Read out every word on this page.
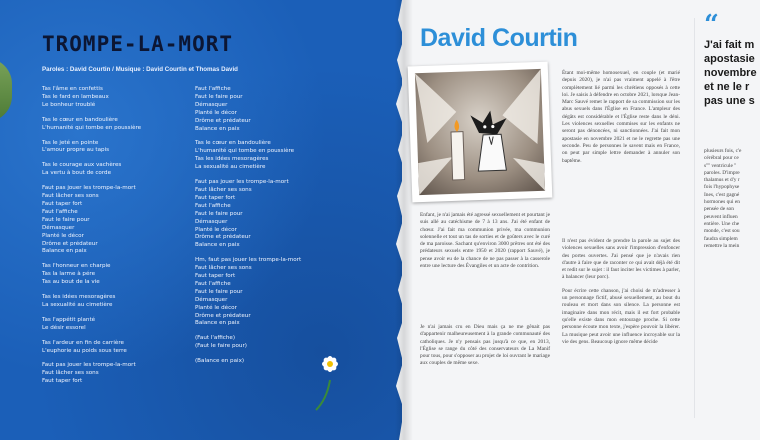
TROMPE-LA-MORT
Paroles : David Courtin / Musique : David Courtin et Thomas David
Tas l'âme en confettis
Tas le fard en lambeaux
Le bonheur troublé
Tas le cœur en bandoulière
L'humanité qui tombe en poussière
Tas le jeté en pointe
L'amour propre au tapis
Tas le courage aux vachères
La vertu à bout de corde
Faut pas jouer les trompe-la-mort
Faut lâcher ses sons
Faut taper fort
Faut l'affiche
Faut le faire pour
Démasquer
Planté le décor
Drôme et prédateur
Balance en paix
Tas l'honneur en charpie
Tas la larme à pére
Tas au bout de la vie
Tas les idées mesoragères
La sexualité au cimetière
Tas l'appétit planté
Le désir essorel
Tas l'ardeur en fin de carrière
L'euphorie au poids sous terre
Faut pas jouer les trompe-la-mort
Faut lâcher ses sons
Faut taper fort
Faut l'affiche
Faut le faire pour
Démasquer
Planté le décor
Drôme et prédateur
Balance en paix
Tas le cœur en bandoulière
L'humanité qui tombe en poussière
Tas les idées mesoragères
La sexualité au cimetière
Faut pas jouer les trompe-la-mort
Faut lâcher ses sons
Faut taper fort
Faut l'affiche
Faut le faire pour
Démasquer
Planté le décor
Drôme et prédateur
Balance en paix
Hm, faut pas jouer les trompe-la-mort
Faut lâcher ses sons
Faut taper fort
Faut l'affiche
Faut le faire pour
Démasquer
Planté le décor
Drôme et prédateur
Balance en paix
(Faut l'affiche)
(Faut le faire pour)
(Balance en paix)
David Courtin

Étant moi-même homosexuel, en couple (et marié depuis 2020), je n'ai pas vraiment appelé à l'être complètement lié parmi les chrétiens opposés à cette loi. Je saisis à défendre en octobre 2021, lorsque Jean-Marc Sauvé remet le rapport de sa commission sur les abus sexuels dans l'Église en France. L'ampleur des dégâts est considérable et l'Église reste dans le déni. Les violences sexuelles commises sur les enfants ne seront pas dénoncées, ni sanctionnées. J'ai fait mon apostasie en novembre 2021 et ne le regrette pas une seconde. Peu de personnes le savent mais en France, on peut par simple lettre demander à annuler son baptême.

Enfant, je n'ai jamais été agressé sexuellement et pourtant je suis allé au catéchisme de 7 à 13 ans. J'ai été enfant de chœur. J'ai fait ma communion privée, ma communion solennelle et tout un tas de sorties et de goûters avec le curé de ma paroisse. Sachant qu'environ 3000 prêtres ont été des prédateurs sexuels entre 1950 et 2020 (rapport Sauvé), je pense avoir eu de la chance de ne pas passer à la casserole entre une lecture des Évangiles et un acte de contrition.

Je n'ai jamais cru en Dieu mais ça ne me gênait pas d'appartenir malheureusement à la grande communauté des catholiques. Je n'y pensais pas jusqu'à ce que, en 2013, l'Église se range du côté des conservateurs de La Manif pour tous, pour s'opposer au projet de loi ouvrant le mariage aux couples de même sexe.

Il n'est pas évident de prendre la parole au sujet des violences sexuelles sans avoir l'impression d'enfoncer des portes ouvertes. J'ai pensé que je n'avais rien d'autre à faire que de raconter ce qui avait déjà été dit et redit sur le sujet : il faut inciter les victimes à parler, à balancer (leur porc).

Pour écrire cette chanson, j'ai choisi de m'adresser à un personnage fictif, abusé sexuellement, au bout du rouleau et mort dans son silence. La personne est imaginaire dans mon récit, mais il est fort probable qu'elle existe dans mon entourage proche. Si cette personne écoute mon texte, j'espère pouvoir la libérer. La musique peut avoir une influence incroyable sur la vie des gens. Beaucoup ignore même décide

“
J'ai fait m
apostasie
novembre
et ne le r
pas une s
plusieurs fois, c'e
cérébral pour ce
s'''' ventricule ''
paroles. D'impre
thalamus et d'y r
fois l'hypophyse
Ines, c'est gagné
hormones qui en
pensée de son
peuvent influen
entière. Une che
monde, c'est sou
faudra simplem
remettre la mein
